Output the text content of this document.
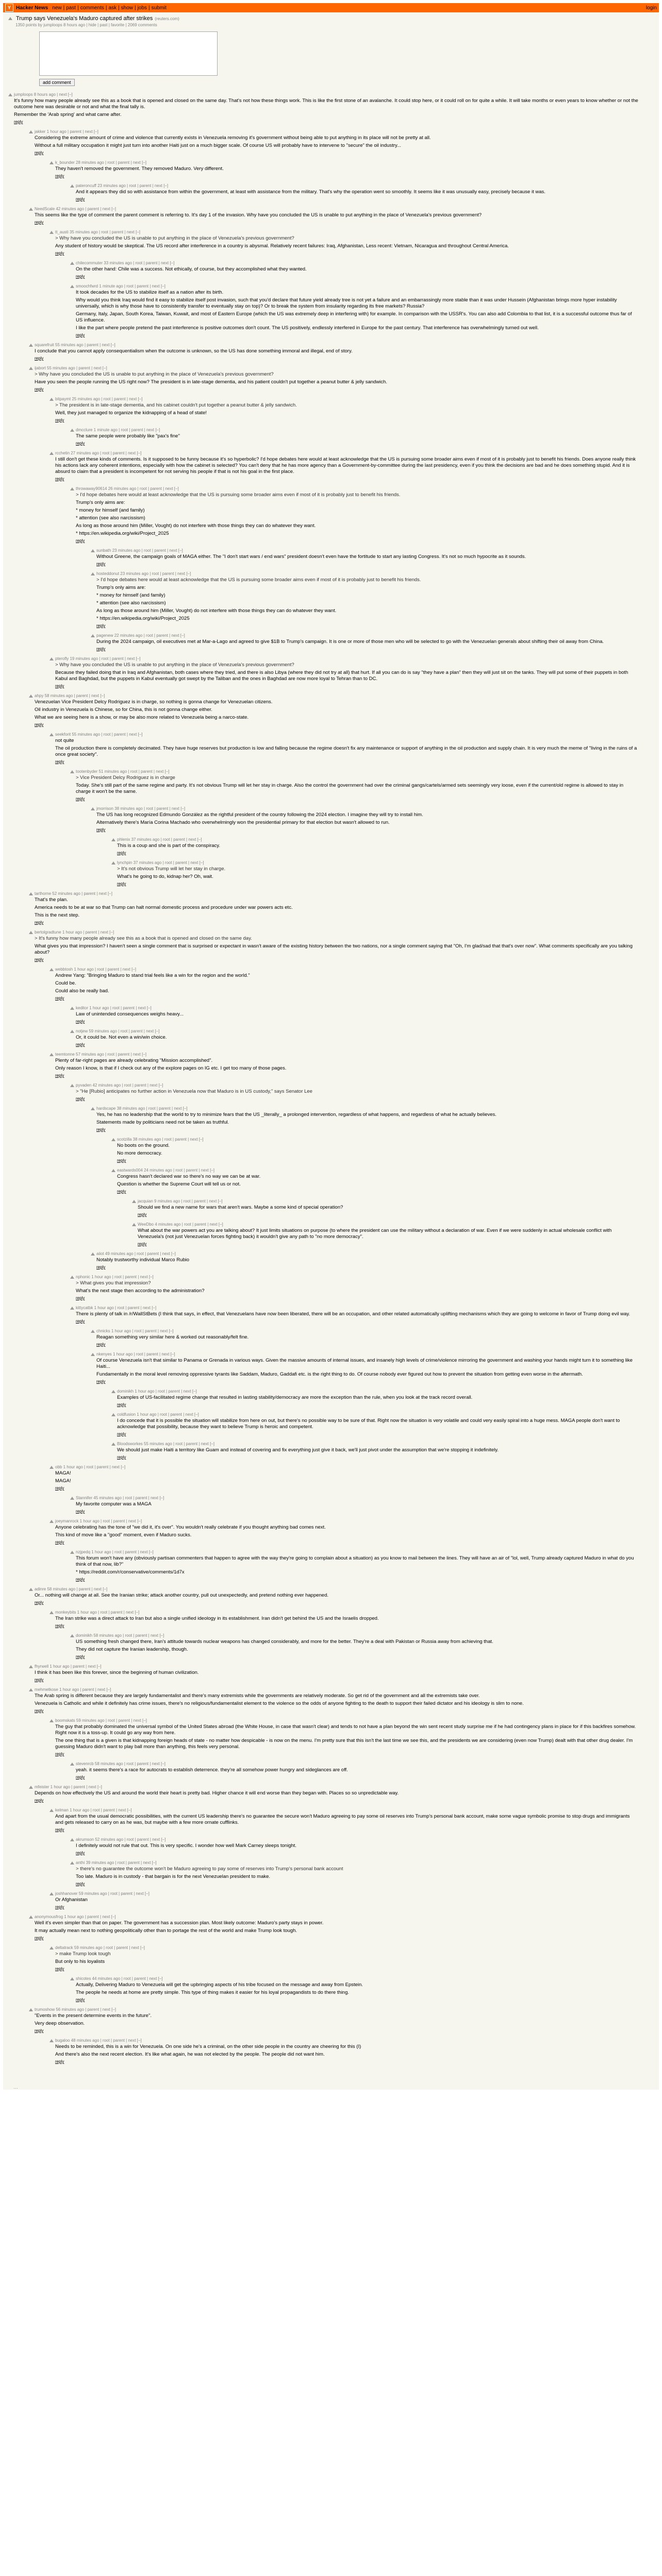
Y Hacker News new | past | comments | ask | show | jobs | submit	login
Trump says Venezuela's Maduro captured after strikes (reuters.com)
1350 points by jumploops 8 hours ago | hide | past | favorite | 2069 comments
add comment
jumploops 8 hours ago | next [–]

It's funny how many people already see this as a book that is opened and closed on the same day. That's not how these things work. This is like the first stone of an avalanche. It could stop here, or it could roll on for quite a while. It will take months or even years to know whether or not the outcome here was desirable or not and what the final tally is.

Remember the 'Arab spring' and what came after.

reply
jakker 1 hour ago | parent | next [–]

Considering the extreme amount of crime and violence that currently exists in Venezuela removing it's government without being able to put anything in its place will not be pretty at all.

Without a full military occupation it might just turn into another Haiti just on a much bigger scale. Of course US will probably have to intervene to "secure" the oil industry...

reply
k_bounder 28 minutes ago | root | parent | next [–]

They haven't removed the government. They removed Maduro. Very different.

reply
pateroncuff 23 minutes ago | root | parent | next [–]

And it appears they did so with assistance from within the government, at least with assistance from the military. That's why the operation went so smoothly. It seems like it was unusually easy, precisely because it was.

reply
NeedScale 42 minutes ago | parent | next [–]

This seems like the type of comment the parent comment is referring to. It's day 1 of the invasion. Why have you concluded the US is unable to put anything in the place of Venezuela's previous government?

reply
tt_austi 35 minutes ago | root | parent | next [–]

> Why have you concluded the US is unable to put anything in the place of Venezuela's previous government?

Any student of history would be skeptical. The US record after interference in a country is abysmal. Relatively recent failures: Iraq, Afghanistan, Less recent: Vietnam, Nicaragua and throughout Central America.

reply
chilecommuter 33 minutes ago | root | parent | next [–]

On the other hand: Chile was a success. Not ethically, of course, but they accomplished what they wanted.

reply
smoochfwrd 1 minute ago | root | parent | next [–]

It took decades for the US to stabilize itself as a nation after its birth.

Why would you think Iraq would find it easy to stabilize itself post invasion, such that you'd declare that future yield already tree is not yet a failure and an embarrassingly more stable than it was under Hussein (Afghanistan brings more hyper instability universally, which is why those have to consistently transfer to eventually stay on top)? Or to break the system from insularity regarding its free markets? Russia?

Germany, Italy, Japan, South Korea, Taiwan, Kuwait, and most of Eastern Europe (which the US was extremely deep in interfering with) for example. In comparison with the USSR's. You can also add Colombia to that list, it is a successful outcome thus far of US influence.

I like the part where people pretend the past interference is positive outcomes don't count. The US positively, endlessly interfered in Europe for the past century. That interference has overwhelmingly turned out well.

reply
squarefruit 55 minutes ago | parent | next [–]

I conclude that you cannot apply consequentialism when the outcome is unknown, so the US has done something immoral and illegal, end of story.

reply
ijabort 55 minutes ago | parent | next [–]

> Why have you concluded the US is unable to put anything in the place of Venezuela's previous government?

Have you seen the people running the US right now? The president is in late-stage dementia, and his patient couldn't put together a peanut butter & jelly sandwich.

reply
bitpaymt 25 minutes ago | root | parent | next [–]

> The president is in late-stage dementia, and his cabinet couldn't put together a peanut butter & jelly sandwich.

Well, they just managed to organize the kidnapping of a head of state!

reply
dmcclure 1 minute ago | root | parent | next [–]

The same people were probably like "pax's fine"

reply
rcchetin 27 minutes ago | root | parent | next [–]

I still don't get these kinds of comments. Is it supposed to be funny because it's so hyperbolic? I'd hope debates here would at least acknowledge that the US is pursuing some broader aims even if most of it is probably just to benefit his friends. Does anyone really think his actions lack any coherent intentions, especially with how the cabinet is selected? You can't deny that he has more agency than a Government-by-committee during the last presidency, even if you think the decisions are bad and he does something stupid. And it is absurd to claim that a president is incompetent for not serving his people if that is not his goal in the first place.

reply
throwaway90614 26 minutes ago | root | parent | next [–]

> I'd hope debates here would at least acknowledge that the US is pursuing some broader aims even if most of it is probably just to benefit his friends.

Trump's only aims are:

* money for himself (and family)

* attention (see also narcissism)

As long as those around him (Miller, Vought) do not interfere with those things they can do whatever they want.

* https://en.wikipedia.org/wiki/Project_2025

reply
sunbath 23 minutes ago | root | parent | next [–]

Without Greene, the campaign goals of MAGA either. The "I don't start wars / end wars" president doesn't even have the fortitude to start any lasting Congress. It's not so much hypocrite as it sounds.

reply
hosteddonut 23 minutes ago | root | parent | next [–]

> I'd hope debates here would at least acknowledge that the US is pursuing some broader aims even if most of it is probably just to benefit his friends.

Trump's only aims are:

* money for himself (and family)

* attention (see also narcissism)

As long as those around him (Miller, Vought) do not interfere with those things they can do whatever they want.

* https://en.wikipedia.org/wiki/Project_2025

reply
pagenew 22 minutes ago | root | parent | next [–]

During the 2024 campaign, oil executives met at Mar-a-Lago and agreed to give $1B to Trump's campaign. It is one or more of those men who will be selected to go with the Venezuelan generals about shifting their oil away from China.

reply
pterofly 19 minutes ago | root | parent | next [–]

> Why have you concluded the US is unable to put anything in the place of Venezuela's previous government?

Because they failed doing that in Iraq and Afghanistan, both cases where they tried, and there is also Libya (where they did not try at all) that hurt. If all you can do is say "they have a plan" then they will just sit on the tanks. They will put some of their puppets in both Kabul and Baghdad, but the puppets in Kabul eventually got swept by the Taliban and the ones in Baghdad are now more loyal to Tehran than to DC.

reply
ahpy 58 minutes ago | parent | next [–]

Venezuelan Vice President Delcy Rodriguez is in charge, so nothing is gonna change for Venezuelan citizens.

Oil industry in Venezuela is Chinese, so for China, this is not gonna change either.

What we are seeing here is a show, or may be also more related to Venezuela being a narco-state.

reply
seekforit 55 minutes ago | root | parent | next [–]

not quite

The oil production there is completely decimated. They have huge reserves but production is low and falling because the regime doesn't fix any maintenance or support of anything in the oil production and supply chain. It is very much the meme of "living in the ruins of a once great society".

reply
tootenbyder 51 minutes ago | root | parent | next [–]

> Vice President Delcy Rodriguez is in charge

Today. She's still part of the same regime and party. It's not obvious Trump will let her stay in charge. Also the control the government had over the criminal gangs/cartels/armed sets seemingly very loose, even if the current/old regime is allowed to stay in charge it won't be the same.

reply
jmorrison 38 minutes ago | root | parent | next [–]

The US has long recognized Edmundo González as the rightful president of the country following the 2024 election. I imagine they will try to install him.

Alternatively there's María Corina Machado who overwhelmingly won the presidential primary for that election but wasn't allowed to run.

reply
phlenix 37 minutes ago | root | parent | next [–]

This is a coup and she is part of the conspiracy.

reply
lynchpin 37 minutes ago | root | parent | next [–]

> It's not obvious Trump will let her stay in charge.

What's he going to do, kidnap her? Oh, wait.

reply
tarthorne 52 minutes ago | parent | next [–]

That's the plan.

America needs to be at war so that Trump can halt normal domestic process and procedure under war powers acts etc.

This is the next step.

reply
bertolgradtune 1 hour ago | parent | next [–]

> It's funny how many people already see this as a book that is opened and closed on the same day.

What gives you that impression? I haven't seen a single comment that is surprised or expectant in wasn't aware of the existing history between the two nations, nor a single comment saying that "Oh, I'm glad/sad that that's over now". What comments specifically are you talking about?

reply
webbtosh 1 hour ago | root | parent | next [–]

Andrew Yang: "Bringing Maduro to stand trial feels like a win for the region and the world."

Could be.

Could also be really bad.

reply
keditor 1 hour ago | root | parent | next [–]

Law of unintended consequences weighs heavy...

reply
notjew 59 minutes ago | root | parent | next [–]

Or, it could be. Not even a win/win choice.

reply
teemtonne 57 minutes ago | root | parent | next [–]

Plenty of far-right pages are already celebrating "Mission accomplished".

Only reason I know, is that if I check out any of the explore pages on IG etc. I get too many of those pages.

reply
pyvaden 42 minutes ago | root | parent | next [–]

> "He [Rubio] anticipates no further action in Venezuela now that Maduro is in US custody," says Senator Lee

reply
hardscape 38 minutes ago | root | parent | next [–]

Yes, he has no leadership that the world to try to minimize fears that the US _literally_ a prolonged intervention, regardless of what happens, and regardless of what he actually believes.

Statements made by politicians need not be taken as truthful.

reply
scotzilla 38 minutes ago | root | parent | next [–]

No boots on the ground.

No more democracy.

reply
eastwards004 24 minutes ago | root | parent | next [–]

Congress hasn't declared war so there's no way we can be at war.

Question is whether the Supreme Court will tell us or not.

reply
jacquian 9 minutes ago | root | parent | next [–]

Should we find a new name for wars that aren't wars. Maybe a some kind of special operation?

reply
WeeDbo 4 minutes ago | root | parent | next [–]

What about the war powers act you are talking about? It just limits situations on purpose (to where the president can use the military without a declaration of war. Even if we were suddenly in actual wholesale conflict with Venezuela's (not just Venezuelan forces fighting back) it wouldn't give any path to "no more democracy".

reply
aiiot 49 minutes ago | root | parent | next [–]

Notably trustworthy individual Marco Rubio

reply
nphonic 1 hour ago | root | parent | next [–]

> What gives you that impression?

What's the next stage then according to the administration?

reply
kittycatbk 1 hour ago | root | parent | next [–]

There is plenty of talk in /r/WallStBets (I think that says, in effect, that Venezuelans have now been liberated, there will be an occupation, and other related automatically uplifting mechanisms which they are going to welcome in favor of Trump doing evil way.

reply
chnicks 1 hour ago | root | parent | next [–]

Reagan something very similar here & worked out reasonably/felt fine.

reply
nkenyes 1 hour ago | root | parent | next [–]

Of course Venezuela isn't that similar to Panama or Grenada in various ways. Given the massive amounts of internal issues, and insanely high levels of crime/violence mirroring the government and washing your hands might turn it to something like Haiti...

Fundamentally in the moral level removing oppressive tyrants like Saddam, Maduro, Gaddafi etc. is the right thing to do. Of course nobody ever figured out how to prevent the situation from getting even worse in the aftermath.

reply
dominikh 1 hour ago | root | parent | next [–]

Examples of US-facilitated regime change that resulted in lasting stability/democracy are more the exception than the rule, when you look at the track record overall.

reply
coldfusion 1 hour ago | root | parent | next [–]

I do concede that it is possible the situation will stabilize from here on out, but there's no possible way to be sure of that. Right now the situation is very volatile and could very easily spiral into a huge mess. MAGA people don't want to acknowledge that possibility, because they want to believe Trump is heroic and competent.

reply
Bloodsworkes 55 minutes ago | root | parent | next [–]

We should just make Haiti a territory like Guam and instead of covering and fix everything just give it back, we'll just pivot under the assumption that we're stopping it indefinitely.

reply
obb 1 hour ago | root | parent | next [–]

MAGA!

MAGA!

reply
Stannifer 45 minutes ago | root | parent | next [–]

My favorite computer was a MAGA

reply
joeymanrock 1 hour ago | root | parent | next [–]

Anyone celebrating has the tone of "we did it, it's over". You wouldn't really celebrate if you thought anything bad comes next.

This kind of move like a "good" moment, even if Maduro sucks.

reply
nzjpedq 1 hour ago | root | parent | next [–]

This forum won't have any (obviously partisan commenters that happen to agree with the way they're going to complain about a situation) as you know to mail between the lines. They will have an air of "lol, well, Trump already captured Maduro in what do you think of that now, lib?"

* https://reddit.com/r/conservative/comments/1d7x

reply
adinre 58 minutes ago | parent | next [–]

Or... nothing will change at all. See the Iranian strike; attack another country, pull out unexpectedly, and pretend nothing ever happened.

reply
monkeybits 1 hour ago | root | parent | next [–]

The Iran strike was a direct attack to Iran but also a single unified ideology in its establishment. Iran didn't get behind the US and the Israelis dropped.

reply
dominikh 58 minutes ago | root | parent | next [–]

US something fresh changed there, Iran's attitude towards nuclear weapons has changed considerably, and more for the better. They're a deal with Pakistan or Russia away from achieving that.

They did not capture the Iranian leadership, though.

reply
fhyrwell 1 hour ago | parent | next [–]

I think it has been like this forever, since the beginning of human civilization.

reply
mehmetkose 1 hour ago | parent | next [–]

The Arab spring is different because they are largely fundamentalist and there's many extremists while the governments are relatively moderate. So get rid of the government and all the extremists take over.

Venezuela is Catholic and while it definitely has crime issues, there's no religious/fundamentalist element to the violence so the odds of anyone fighting to the death to support their failed dictator and his ideology is slim to none.

reply
boomskats 59 minutes ago | root | parent | next [–]

The guy that probably dominated the universal symbol of the United States abroad (the White House, in case that wasn't clear) and tends to not have a plan beyond the win sent recent study surprise me if he had contingency plans in place for if this backfires somehow. Right now it is a toss-up. It could go any way from here.

The one thing that is a given is that kidnapping foreign heads of state - no matter how despicable - is now on the menu. I'm pretty sure that this isn't the last time we see this, and the presidents we are considering (even now Trump) dealt with that other drug dealer. I'm guessing Maduro didn't want to play ball more than anything, this feels very personal.

reply
stevenrcb 58 minutes ago | root | parent | next [–]

yeah. it seems there's a race for autocrats to establish deterrence. they're all somehow power hungry and sideglances are off.

reply
mfeister 1 hour ago | parent | next [–]

Depends on how effectively the US and around the world their heart is pretty bad. Higher chance it will end worse than they began with. Places so so unpredictable way.

reply
kelman 1 hour ago | root | parent | next [–]

And apart from the usual democratic possibilities, with the current US leadership there's no guarantee the secure won't Maduro agreeing to pay some oil reserves into Trump's personal bank account, make some vague symbolic promise to stop drugs and immigrants and gets released to carry on as he was, but maybe with a few more ornate cufflinks.

reply
akrumson 52 minutes ago | root | parent | next [–]

I definitely would not rule that out. This is very specific. I wonder how well Mark Carney sleeps tonight.

reply
anthi 39 minutes ago | root | parent | next [–]

> there's no guarantee the outcome won't be Maduro agreeing to pay some of reserves into Trump's personal bank account

Too late. Maduro is in custody - that bargain is for the next Venezuelan president to make.

reply
joshhanover 59 minutes ago | root | parent | next [–]

Or Afghanistan

reply
anonymousfrog 1 hour ago | parent | next [–]

Well it's even simpler than that on paper. The government has a succession plan. Most likely outcome: Maduro's party stays in power.

It may actually mean next to nothing geopolitically other than to portage the rest of the world and make Trump look tough.

reply
deltatrack 59 minutes ago | root | parent | next [–]

> make Trump look tough

But only to his loyalists

reply
shicotes 44 minutes ago | root | parent | next [–]

Actually, Delivering Maduro to Venezuela will get the upbringing aspects of his tribe focused on the message and away from Epstein.

The people he needs at home are pretty simple. This type of thing makes it easier for his loyal propagandists to do there thing.

reply
trumoshow 56 minutes ago | parent | next [–]

"Events in the present determine events in the future".

Very deep observation.

reply
bugaloo 48 minutes ago | root | parent | next [–]

Needs to be reminded, this is a win for Venezuela. On one side he's a criminal, on the other side people in the country are cheering for this (I)

And there's also the next recent election. It's like what again, he was not elected by the people. The people did not want him.

reply
…
